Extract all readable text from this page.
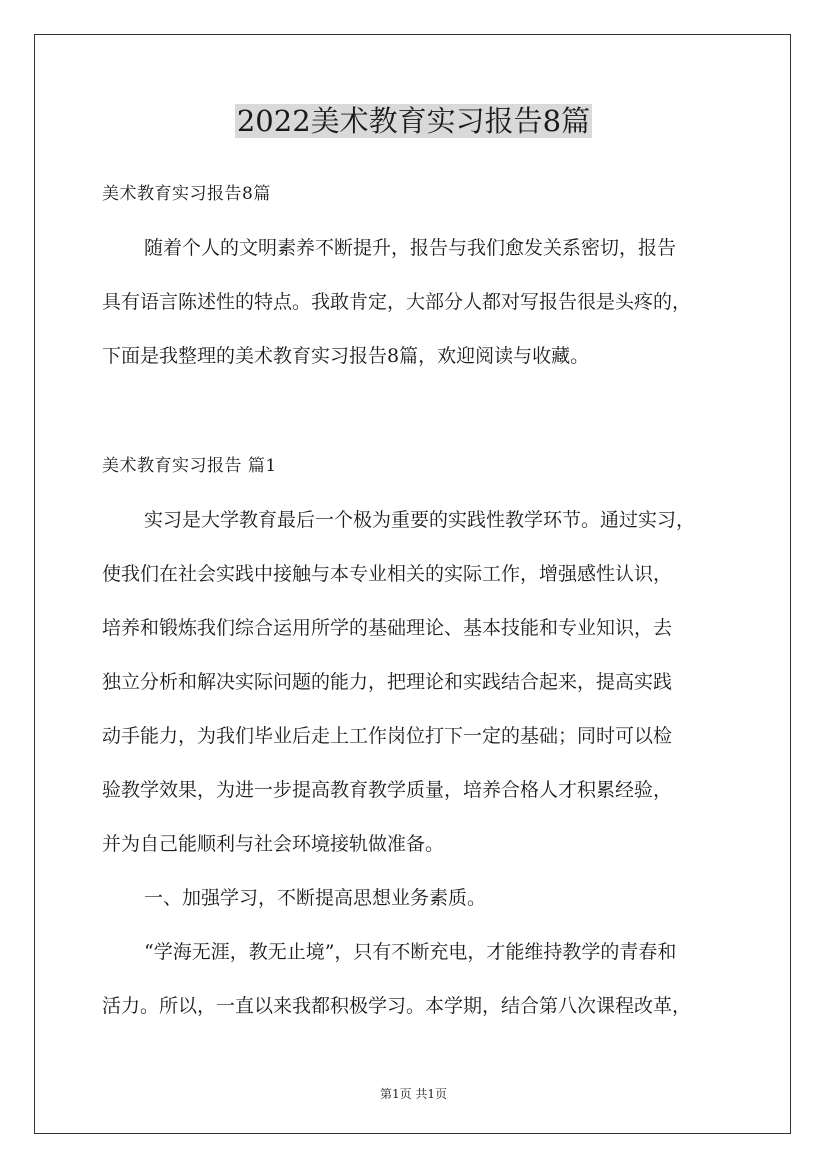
2022美术教育实习报告8篇

美术教育实习报告8篇

随着个人的文明素养不断提升，报告与我们愈发关系密切，报告

具有语言陈述性的特点。我敢肯定，大部分人都对写报告很是头疼的，

下面是我整理的美术教育实习报告8篇，欢迎阅读与收藏。

美术教育实习报告 篇1

实习是大学教育最后一个极为重要的实践性教学环节。通过实习，

使我们在社会实践中接触与本专业相关的实际工作，增强感性认识，

培养和锻炼我们综合运用所学的基础理论、基本技能和专业知识，去

独立分析和解决实际问题的能力，把理论和实践结合起来，提高实践

动手能力，为我们毕业后走上工作岗位打下一定的基础；同时可以检

验教学效果，为进一步提高教育教学质量，培养合格人才积累经验，

并为自己能顺利与社会环境接轨做准备。

一、加强学习，不断提高思想业务素质。

“学海无涯，教无止境”，只有不断充电，才能维持教学的青春和

活力。所以，一直以来我都积极学习。本学期，结合第八次课程改革，

第1页 共1页
